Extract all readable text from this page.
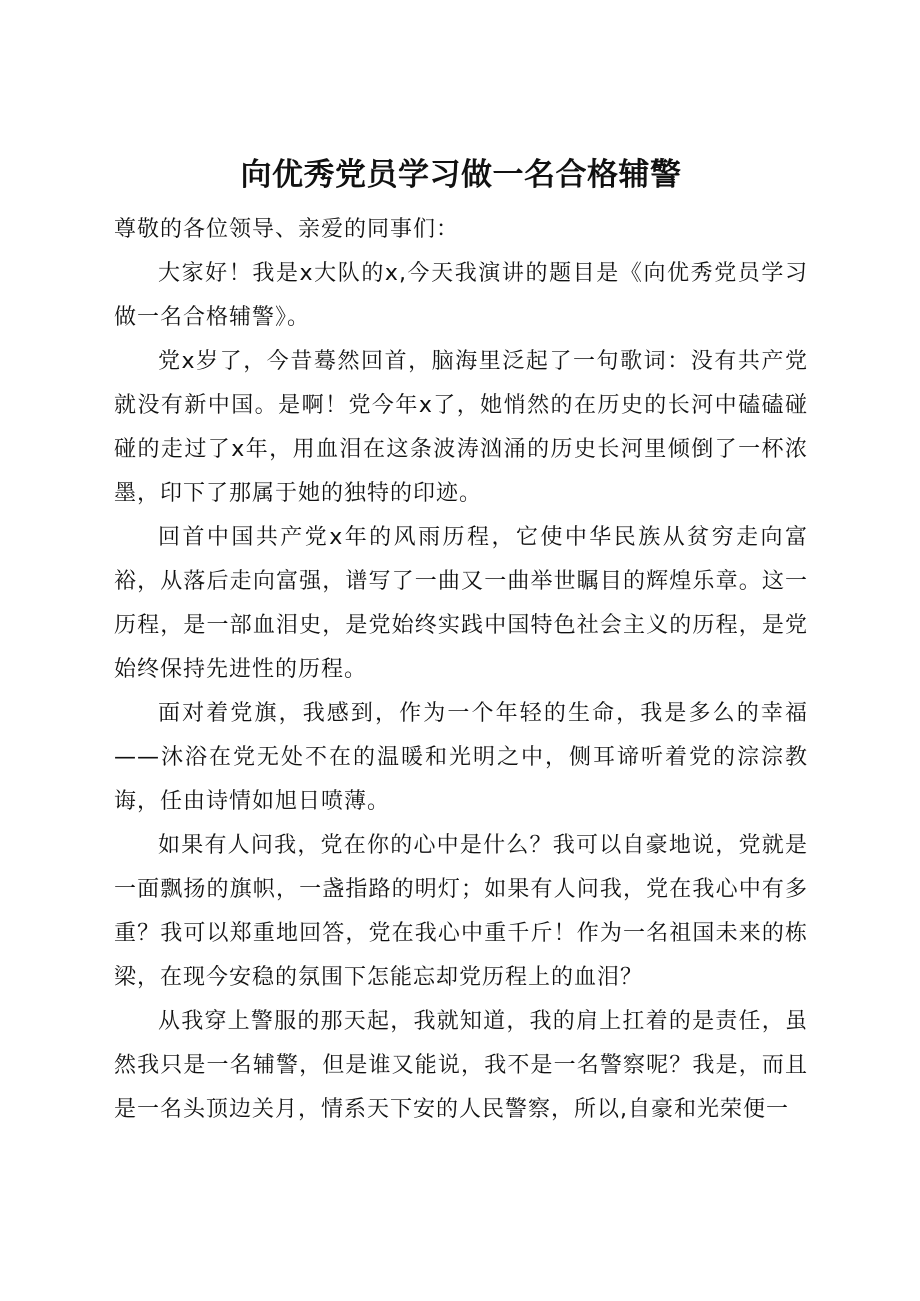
向优秀党员学习做一名合格辅警

尊敬的各位领导、亲爱的同事们：

大家好！我是x大队的x,今天我演讲的题目是《向优秀党员学习做一名合格辅警》。

党x岁了，今昔蓦然回首，脑海里泛起了一句歌词：没有共产党就没有新中国。是啊！党今年x了，她悄然的在历史的长河中磕磕碰碰的走过了x年，用血泪在这条波涛汹涌的历史长河里倾倒了一杯浓墨，印下了那属于她的独特的印迹。

回首中国共产党x年的风雨历程，它使中华民族从贫穷走向富裕，从落后走向富强，谱写了一曲又一曲举世瞩目的辉煌乐章。这一历程，是一部血泪史，是党始终实践中国特色社会主义的历程，是党始终保持先进性的历程。

面对着党旗，我感到，作为一个年轻的生命，我是多么的幸福——沐浴在党无处不在的温暖和光明之中，侧耳谛听着党的淙淙教诲，任由诗情如旭日喷薄。

如果有人问我，党在你的心中是什么？我可以自豪地说，党就是一面飘扬的旗帜，一盏指路的明灯；如果有人问我，党在我心中有多重？我可以郑重地回答，党在我心中重千斤！作为一名祖国未来的栋梁，在现今安稳的氛围下怎能忘却党历程上的血泪？

从我穿上警服的那天起，我就知道，我的肩上扛着的是责任，虽然我只是一名辅警，但是谁又能说，我不是一名警察呢？我是，而且是一名头顶边关月，情系天下安的人民警察，所以,自豪和光荣便一
